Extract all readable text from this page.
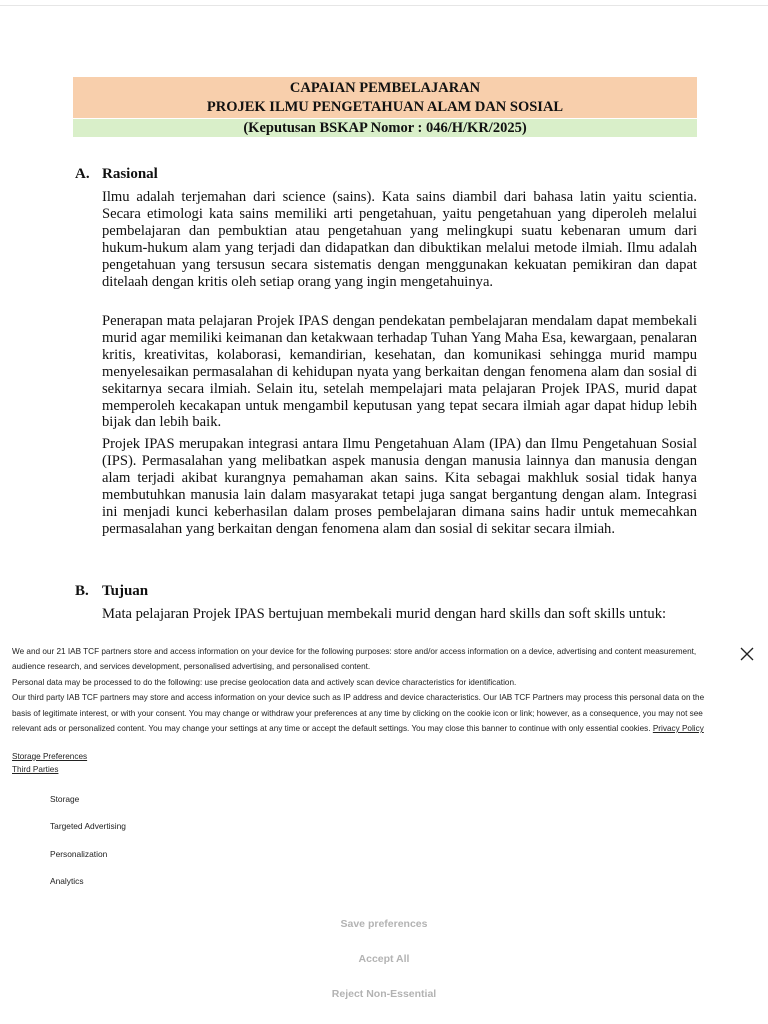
CAPAIAN PEMBELAJARAN
PROJEK ILMU PENGETAHUAN ALAM DAN SOSIAL
(Keputusan BSKAP Nomor : 046/H/KR/2025)
A. Rasional

Ilmu adalah terjemahan dari science (sains). Kata sains diambil dari bahasa latin yaitu scientia. Secara etimologi kata sains memiliki arti pengetahuan, yaitu pengetahuan yang diperoleh melalui pembelajaran dan pembuktian atau pengetahuan yang melingkupi suatu kebenaran umum dari hukum-hukum alam yang terjadi dan didapatkan dan dibuktikan melalui metode ilmiah. Ilmu adalah pengetahuan yang tersusun secara sistematis dengan menggunakan kekuatan pemikiran dan dapat ditelaah dengan kritis oleh setiap orang yang ingin mengetahuinya.

Penerapan mata pelajaran Projek IPAS dengan pendekatan pembelajaran mendalam dapat membekali murid agar memiliki keimanan dan ketakwaan terhadap Tuhan Yang Maha Esa, kewargaan, penalaran kritis, kreativitas, kolaborasi, kemandirian, kesehatan, dan komunikasi sehingga murid mampu menyelesaikan permasalahan di kehidupan nyata yang berkaitan dengan fenomena alam dan sosial di sekitarnya secara ilmiah. Selain itu, setelah mempelajari mata pelajaran Projek IPAS, murid dapat memperoleh kecakapan untuk mengambil keputusan yang tepat secara ilmiah agar dapat hidup lebih bijak dan lebih baik.

Projek IPAS merupakan integrasi antara Ilmu Pengetahuan Alam (IPA) dan Ilmu Pengetahuan Sosial (IPS). Permasalahan yang melibatkan aspek manusia dengan manusia lainnya dan manusia dengan alam terjadi akibat kurangnya pemahaman akan sains. Kita sebagai makhluk sosial tidak hanya membutuhkan manusia lain dalam masyarakat tetapi juga sangat bergantung dengan alam. Integrasi ini menjadi kunci keberhasilan dalam proses pembelajaran dimana sains hadir untuk memecahkan permasalahan yang berkaitan dengan fenomena alam dan sosial di sekitar secara ilmiah.

B. Tujuan

Mata pelajaran Projek IPAS bertujuan membekali murid dengan hard skills dan soft skills untuk:

We and our 21 IAB TCF partners store and access information on your device for the following purposes: store and/or access information on a device, advertising and content measurement, audience research, and services development, personalised advertising, and personalised content.
Personal data may be processed to do the following: use precise geolocation data and actively scan device characteristics for identification.
Our third party IAB TCF partners may store and access information on your device such as IP address and device characteristics. Our IAB TCF Partners may process this personal data on the basis of legitimate interest, or with your consent. You may change or withdraw your preferences at any time by clicking on the cookie icon or link; however, as a consequence, you may not see relevant ads or personalized content. You may change your settings at any time or accept the default settings. You may close this banner to continue with only essential cookies. Privacy Policy
Storage Preferences
Third Parties
Storage
Targeted Advertising
Personalization
Analytics
Save preferences
Accept All
Reject Non-Essential
